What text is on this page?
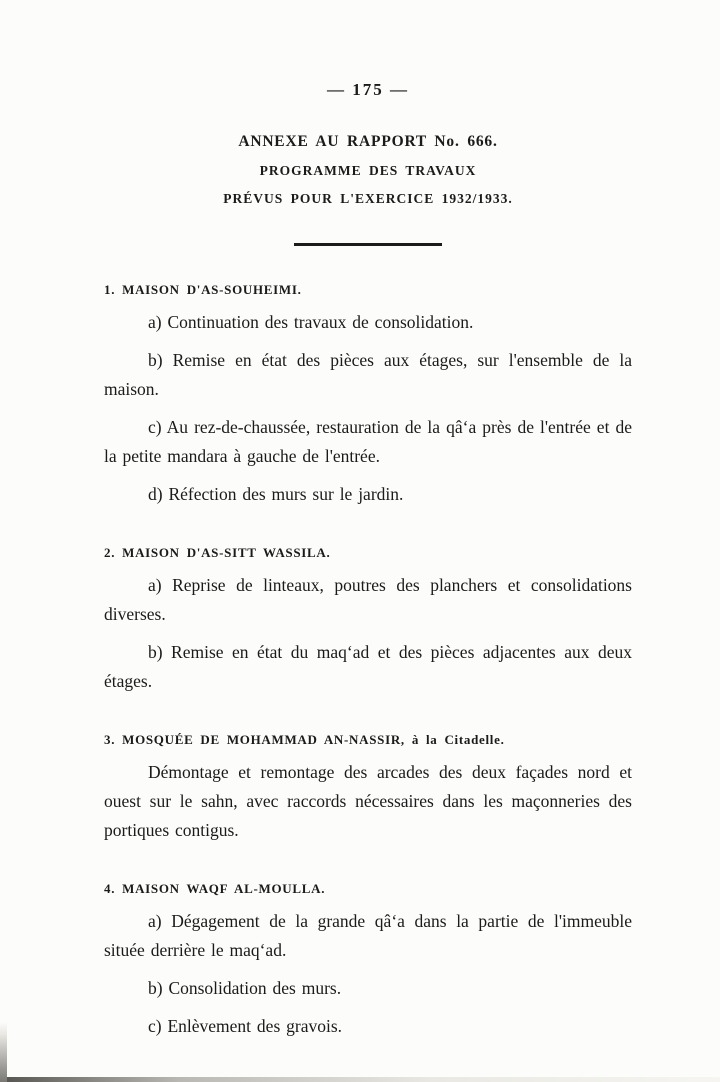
— 175 —
ANNEXE AU RAPPORT No. 666.
PROGRAMME DES TRAVAUX
PRÉVUS POUR L'EXERCICE 1932/1933.
1. MAISON D'AS-SOUHEIMI.

a) Continuation des travaux de consolidation.

b) Remise en état des pièces aux étages, sur l'ensemble de la maison.

c) Au rez-de-chaussée, restauration de la qâ‘a près de l'entrée et de la petite mandara à gauche de l'entrée.

d) Réfection des murs sur le jardin.

2. MAISON D'AS-SITT WASSILA.

a) Reprise de linteaux, poutres des planchers et consolidations diverses.

b) Remise en état du maq‘ad et des pièces adjacentes aux deux étages.

3. MOSQUÉE DE MOHAMMAD AN-NASSIR, à la Citadelle.

Démontage et remontage des arcades des deux façades nord et ouest sur le sahn, avec raccords nécessaires dans les maçonneries des portiques contigus.

4. MAISON WAQF AL-MOULLA.

a) Dégagement de la grande qâ‘a dans la partie de l'immeuble située derrière le maq‘ad.

b) Consolidation des murs.

c) Enlèvement des gravois.
